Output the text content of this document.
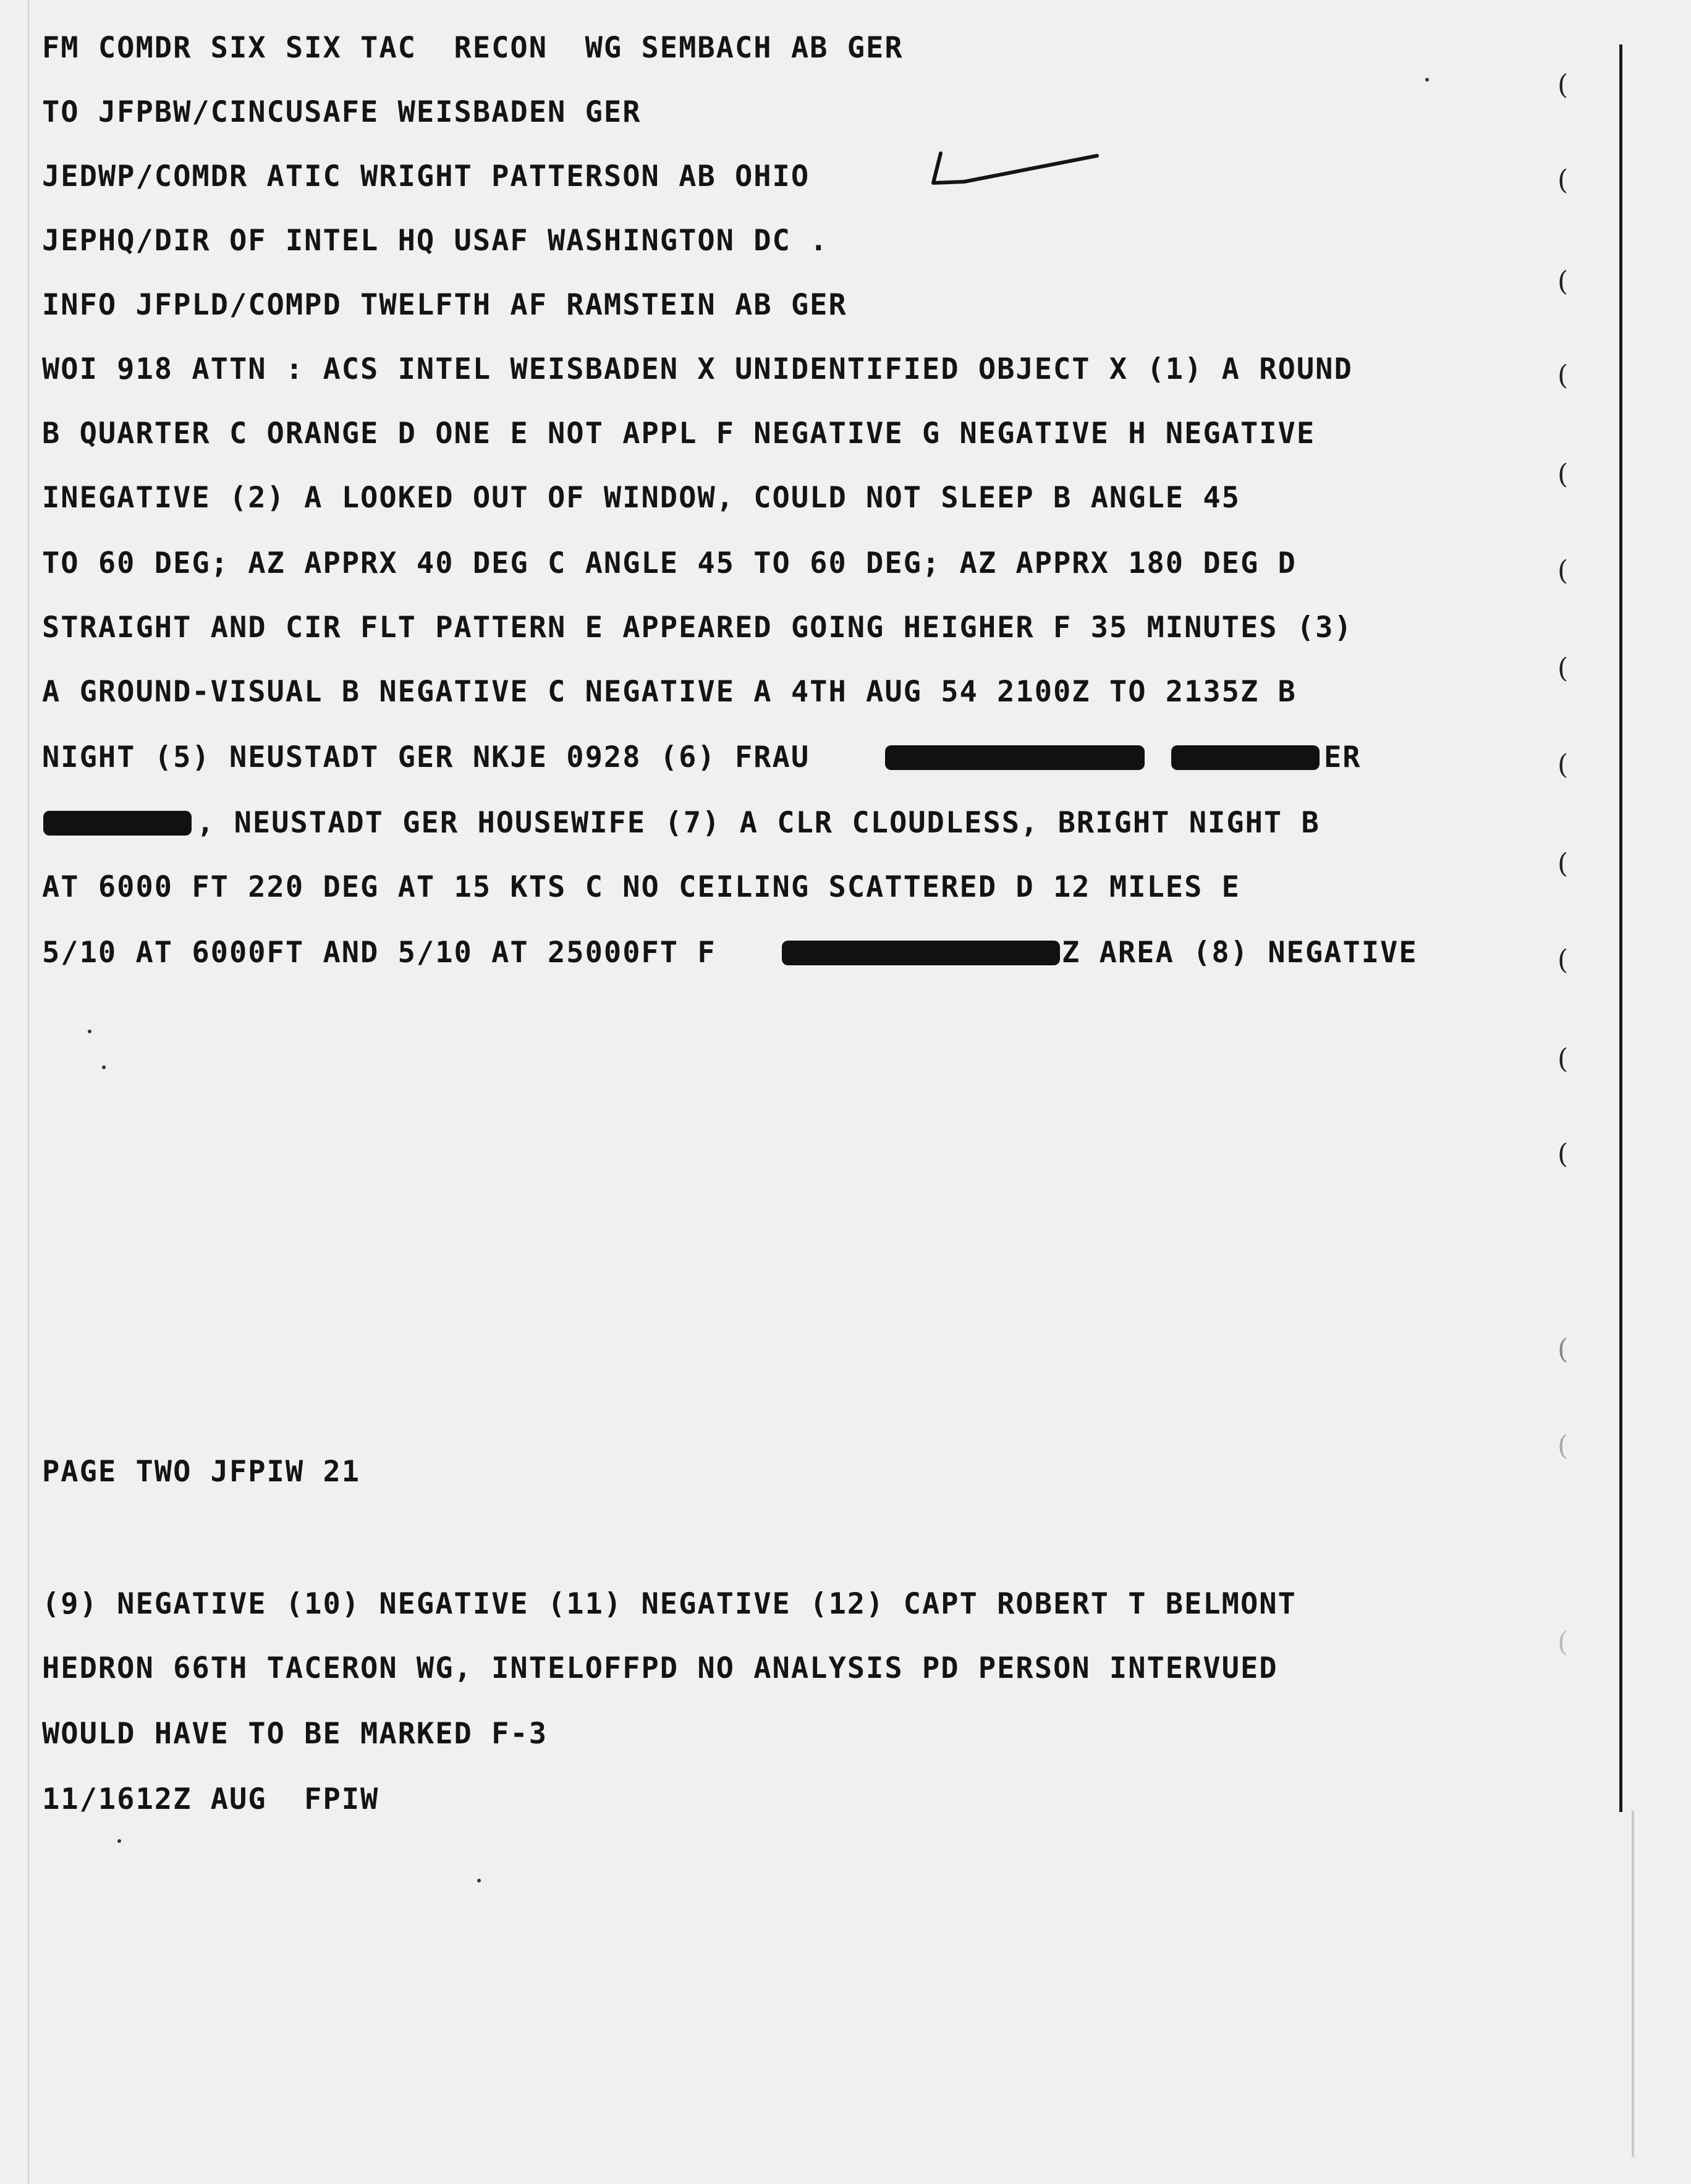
FM COMDR SIX SIX TAC  RECON  WG SEMBACH AB GER
TO JFPBW/CINCUSAFE WEISBADEN GER
JEDWP/COMDR ATIC WRIGHT PATTERSON AB OHIO
JEPHQ/DIR OF INTEL HQ USAF WASHINGTON DC .
INFO JFPLD/COMPD TWELFTH AF RAMSTEIN AB GER
WOI 918 ATTN : ACS INTEL WEISBADEN X UNIDENTIFIED OBJECT X (1) A ROUND
B QUARTER C ORANGE D ONE E NOT APPL F NEGATIVE G NEGATIVE H NEGATIVE
INEGATIVE (2) A LOOKED OUT OF WINDOW, COULD NOT SLEEP B ANGLE 45
TO 60 DEG; AZ APPRX 40 DEG C ANGLE 45 TO 60 DEG; AZ APPRX 180 DEG D
STRAIGHT AND CIR FLT PATTERN E APPEARED GOING HEIGHER F 35 MINUTES (3)
A GROUND-VISUAL B NEGATIVE C NEGATIVE A 4TH AUG 54 2100Z TO 2135Z B
NIGHT (5) NEUSTADT GER NKJE 0928 (6) FRAU	ER
, NEUSTADT GER HOUSEWIFE (7) A CLR CLOUDLESS, BRIGHT NIGHT B
AT 6000 FT 220 DEG AT 15 KTS C NO CEILING SCATTERED D 12 MILES E
5/10 AT 6000FT AND 5/10 AT 25000FT F	Z AREA (8) NEGATIVE
PAGE TWO JFPIW 21
(9) NEGATIVE (10) NEGATIVE (11) NEGATIVE (12) CAPT ROBERT T BELMONT
HEDRON 66TH TACERON WG, INTELOFFPD NO ANALYSIS PD PERSON INTERVUED
WOULD HAVE TO BE MARKED F-3
11/1612Z AUG  FPIW
(
(
(
(
(
(
(
(
(
(
(
(
(
(
(
